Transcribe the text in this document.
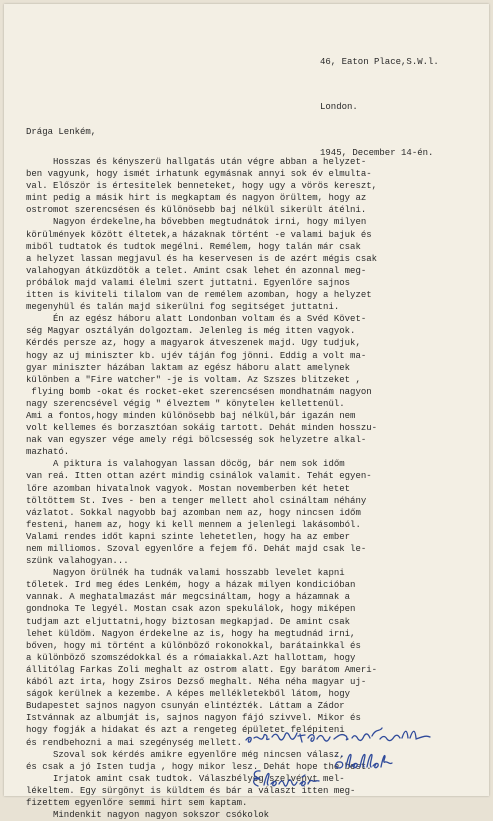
46, Eaton Place,S.W.l.

London.

1945, December 14-én.

Drága Lenkém,
Hosszas és kényszerü hallgatás után végre abban a helyzet-
ben vagyunk, hogy ismét irhatunk egymásnak annyi sok év elmulta-
val. Először is értesitelek benneteket, hogy ugy a vörös kereszt,
mint pedig a másik hirt is megkaptam és nagyon örültem, hogy az
ostromot szerencsésen és különösebb baj nélkül sikerült átélni.
Nagyon érdekelne,ha bővebben megtudnátok irni, hogy milyen
körülmények között éltetek,a házaknak történt -e valami bajuk és
miből tudtatok és tudtok megélni. Remélem, hogy talán már csak
a helyzet lassan megjavul és ha keservesen is de azért mégis csak
valahogyan átküzdötök a telet. Amint csak lehet én azonnal meg-
próbálok majd valami élelmi szert juttatni. Egyenlőre sajnos
itten is kiviteli tilalom van de remélem azomban, hogy a helyzet
megenyhül és talán majd sikerülni fog segitséget juttatni.
Én az egész háboru alatt Londonban voltam és a Svéd Követ-
ség Magyar osztályán dolgoztam. Jelenleg is még itten vagyok.
Kérdés persze az, hogy a magyarok átveszenek majd. Ugy tudjuk,
hogy az uj miniszter kb. ujév táján fog jönni. Eddig a volt ma-
gyar miniszter házában laktam az egész háboru alatt amelynek
különben a "Fire watcher" -je is voltam. Az Szszes blitzeket ,
flying bomb -okat és rocket-eket szerencsésen mondhatnám nagyon
nagy szerencsével végig " élveztem " könyteleн kellettenül.
Ami a fontos,hogy minden különösebb baj nélkül,bár igazán nem
volt kellemes és borzasztóan sokáig tartott. Dehát minden hosszu-
nak van egyszer vége amely régi bölcsesség sok helyzetre alkal-
mazható.
A piktura is valahogyan lassan döcög, bár nem sok időm
van reá. Itten ottan azért mindig csinálok valamit. Tehát egyen-
lőre azomban hivatalnok vagyok. Mostan novemberben két hetet
töltöttem St. Ives - ben a tenger mellett ahol csináltam néhány
vázlatot. Sokkal nagyobb baj azomban nem az, hogy nincsen időm
festeni, hanem az, hogy ki kell mennem a jelenlegi lakásomból.
Valami rendes időt kapni szinte lehetetlen, hogy ha az ember
nem milliomos. Szoval egyenlőre a fejem fő. Dehát majd csak le-
szünk valahogyan...
Nagyon örülnék ha tudnák valami hosszabb levelet kapni
tőletek. Ird meg édes Lenkém, hogy a házak milyen kondicióban
vannak. A meghatalmazást már megcsináltam, hogy a házamnak a
gondnoka Te legyél. Mostan csak azon spekulálok, hogy miképen
tudjam azt eljuttatni,hogy biztosan megkapjad. De amint csak
lehet küldöm. Nagyon érdekelne az is, hogy ha megtudnád irni,
bőven, hogy mi történt a különböző rokonokkal, barátainkkal és
a különböző szomszédokkal és a rómaiakkal.Azt hallottam, hogy
állitólag Farkas Zoli meghalt az ostrom alatt. Egy barátom Ameri-
kából azt irta, hogy Zsiros Dezső meghalt. Néha néha magyar uj-
ságok kerülnek a kezembe. A képes mellékletekből látom, hogy
Budapestet sajnos nagyon csunyán elintézték. Láttam a Zádor
Istvánnak az albumját is, sajnos nagyon fájó szivvel. Mikor és
hogy fogják a hidakat és azt a rengeteg épületet felépiteni
és rendbehozni a mai szegénység mellett.
Szoval sok kérdés amikre egyenlőre még nincsen válasz,
és csak a jó Isten tudja , hogy mikor lesz. Dehát hope the best.
Irjatok amint csak tudtok. Válaszbélyeg szelvényt mel-
lékeltem. Egy sürgönyt is küldtem és bár a választ itten meg-
fizettem egyenlőre semmi hirt sem kaptam.
Mindenkit nagyon nagyon sokszor csókolok
